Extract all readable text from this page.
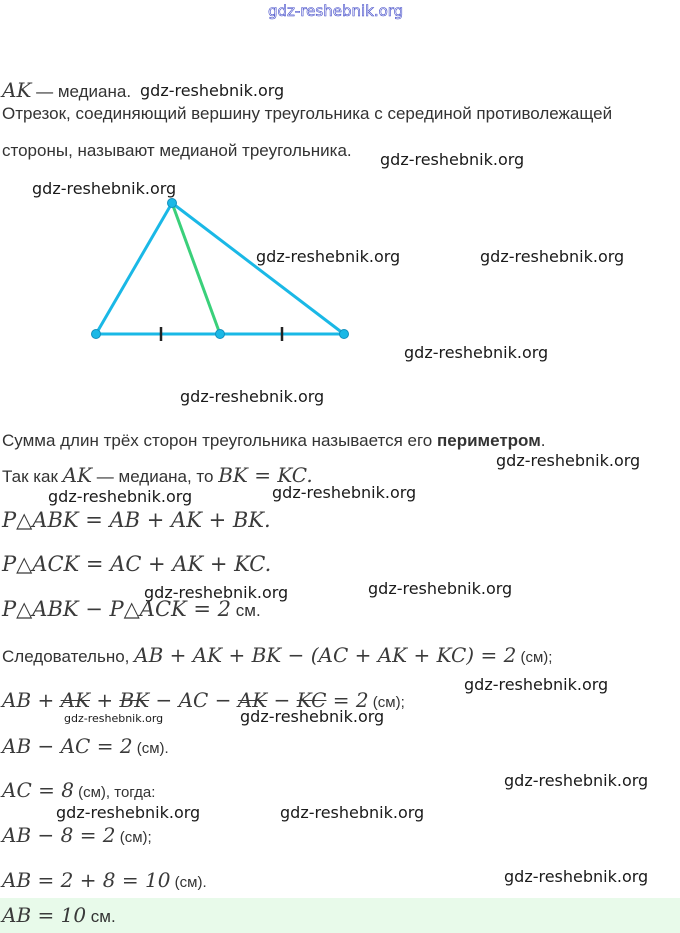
gdz-reshebnik.org
AK — медиана.
Отрезок, соединяющий вершину треугольника с серединой противолежащей
стороны, называют медианой треугольника.
Сумма длин трёх сторон треугольника называется его периметром.
Так как AK — медиана, то BK = KC.
P△ABK = AB + AK + BK.
P△ACK = AC + AK + KC.
P△ABK − P△ACK = 2 см.
Следовательно, AB + AK + BK − (AC + AK + KC) = 2 (см);
AB + AK + BK − AC − AK − KC = 2 (см);
AB − AC = 2 (см).
AC = 8 (см), тогда:
AB − 8 = 2 (см);
AB = 2 + 8 = 10 (см).
AB = 10 см.
gdz-reshebnik.org
gdz-reshebnik.org
gdz-reshebnik.org
gdz-reshebnik.org	gdz-reshebnik.org
gdz-reshebnik.org
gdz-reshebnik.org
gdz-reshebnik.org
gdz-reshebnik.org	gdz-reshebnik.org
gdz-reshebnik.org	gdz-reshebnik.org
gdz-reshebnik.org
gdz-reshebnik.org	gdz-reshebnik.org
gdz-reshebnik.org
gdz-reshebnik.org	gdz-reshebnik.org
gdz-reshebnik.org
